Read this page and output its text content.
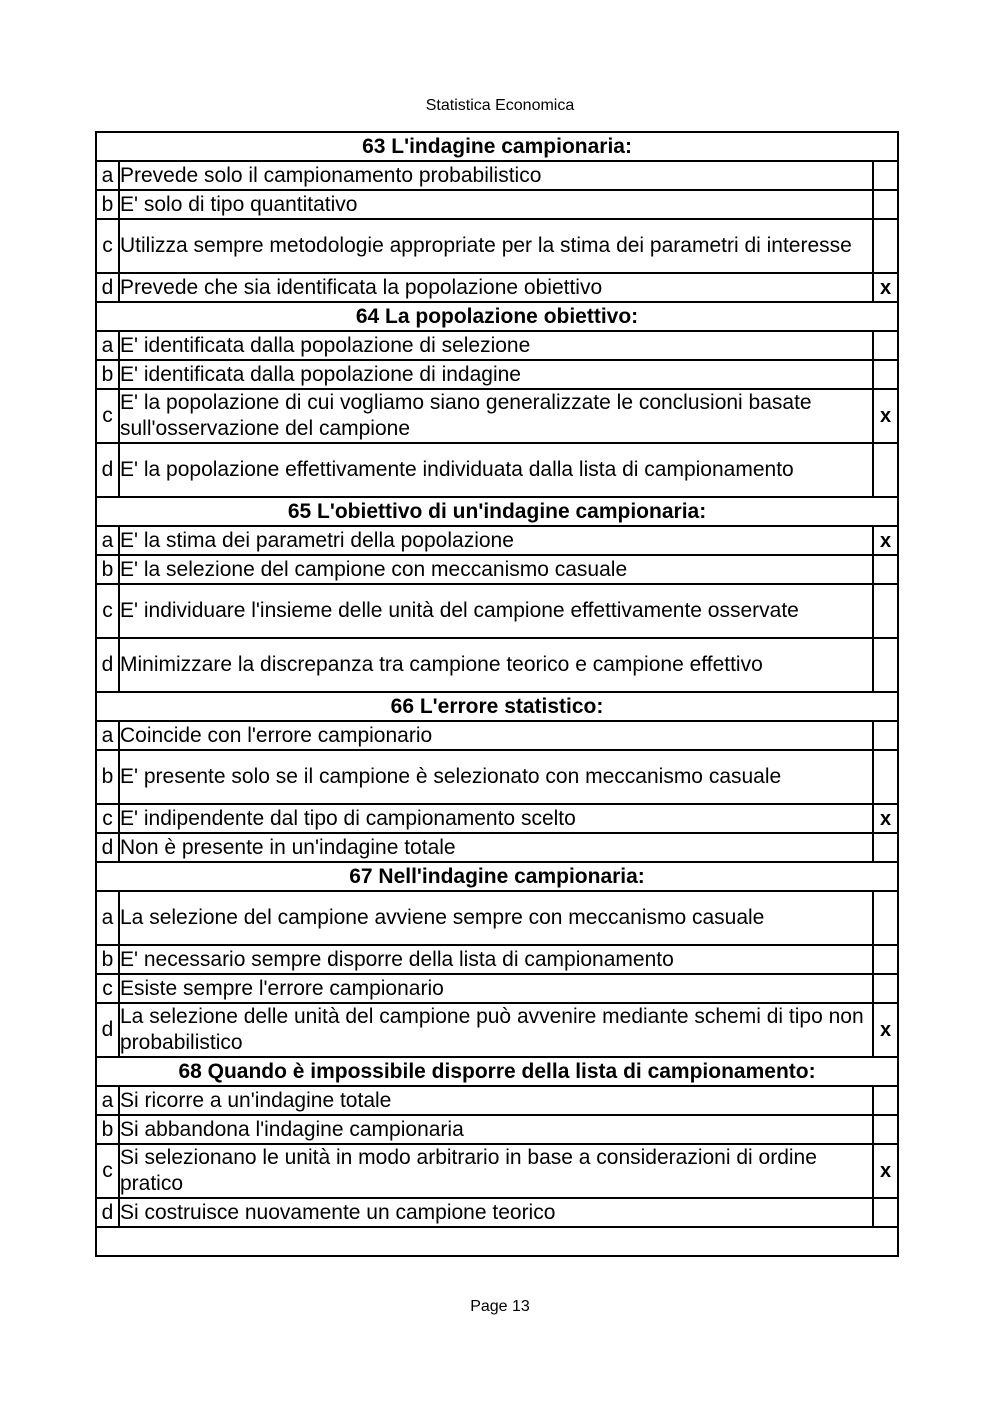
Statistica Economica
63 L'indagine campionaria:		
a	Prevede solo il campionamento probabilistico	
b	E' solo di tipo quantitativo	
c	Utilizza sempre metodologie appropriate per la stima dei parametri di interesse	
d	Prevede che sia identificata la popolazione obiettivo	x
64 La popolazione obiettivo:		
a	E' identificata dalla popolazione di selezione	
b	E' identificata dalla popolazione di indagine	
c	E' la popolazione di cui vogliamo siano generalizzate le conclusioni basate sull'osservazione del campione	x
d	E' la popolazione effettivamente individuata dalla lista di campionamento	
65 L'obiettivo di un'indagine campionaria:		
a	E' la stima dei parametri della popolazione	x
b	E' la selezione del campione con meccanismo casuale	
c	E' individuare l'insieme delle unità del campione effettivamente osservate	
d	Minimizzare la discrepanza tra campione teorico e campione effettivo	
66 L'errore statistico:		
a	Coincide con l'errore campionario	
b	E' presente solo se il campione è selezionato con meccanismo casuale	
c	E' indipendente dal tipo di campionamento scelto	x
d	Non è presente in un'indagine totale	
67 Nell'indagine campionaria:		
a	La selezione del campione avviene sempre con meccanismo casuale	
b	E' necessario sempre disporre della lista di campionamento	
c	Esiste sempre l'errore campionario	
d	La selezione delle unità del campione può avvenire mediante schemi di tipo non probabilistico	x
68 Quando è impossibile disporre della lista di campionamento:		
a	Si ricorre a un'indagine totale	
b	Si abbandona l'indagine campionaria	
c	Si selezionano le unità in modo arbitrario in base a considerazioni di ordine pratico	x
d	Si costruisce nuovamente un campione teorico	

Page 13
